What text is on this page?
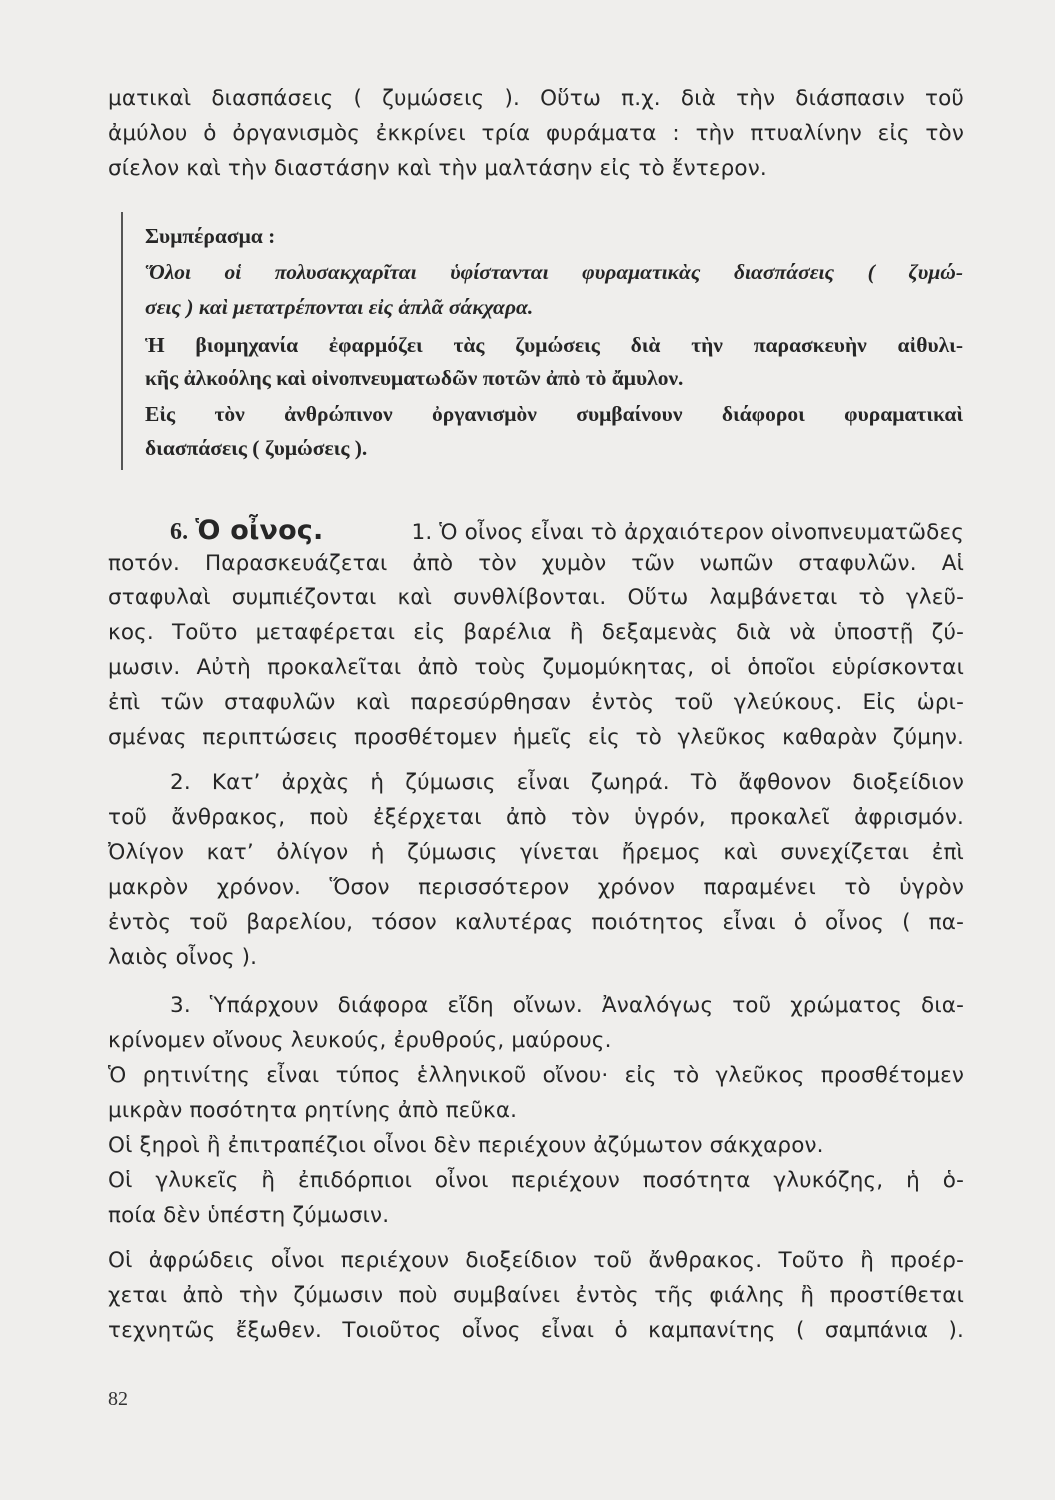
ματικαὶ διασπάσεις ( ζυμώσεις ). Οὕτω π.χ. διὰ τὴν διάσπασιν τοῦ

ἀμύλου ὁ ὀργανισμὸς ἐκκρίνει τρία φυράματα : τὴν πτυαλίνην εἰς τὸν

σίελον καὶ τὴν διαστάσην καὶ τὴν μαλτάσην εἰς τὸ ἔντερον.

Συμπέρασμα :

Ὅλοι οἱ πολυσακχαρῖται ὑφίστανται φυραματικὰς διασπάσεις ( ζυμώ-

σεις ) καὶ μετατρέπονται εἰς ἁπλᾶ σάκχαρα.

Ἡ βιομηχανία ἐφαρμόζει τὰς ζυμώσεις διὰ τὴν παρασκευὴν αἰθυλι-

κῆς ἀλκοόλης καὶ οἰνοπνευματωδῶν ποτῶν ἀπὸ τὸ ἄμυλον.

Εἰς τὸν ἀνθρώπινον ὀργανισμὸν συμβαίνουν διάφοροι φυραματικαὶ

διασπάσεις ( ζυμώσεις ).

6. Ὁ οἶνος.	1. Ὁ οἶνος εἶναι τὸ ἀρχαιότερον οἰνοπνευματῶδες

ποτόν. Παρασκευάζεται ἀπὸ τὸν χυμὸν τῶν νωπῶν σταφυλῶν. Αἱ

σταφυλαὶ συμπιέζονται καὶ συνθλίβονται. Οὕτω λαμβάνεται τὸ γλεῦ-

κος. Τοῦτο μεταφέρεται εἰς βαρέλια ἢ δεξαμενὰς διὰ νὰ ὑποστῇ ζύ-

μωσιν. Αὐτὴ προκαλεῖται ἀπὸ τοὺς ζυμομύκητας, οἱ ὁποῖοι εὑρίσκονται

ἐπὶ τῶν σταφυλῶν καὶ παρεσύρθησαν ἐντὸς τοῦ γλεύκους. Εἰς ὡρι-

σμένας περιπτώσεις προσθέτομεν ἡμεῖς εἰς τὸ γλεῦκος καθαρὰν ζύμην.

2. Κατ’ ἀρχὰς ἡ ζύμωσις εἶναι ζωηρά. Τὸ ἄφθονον διοξείδιον

τοῦ ἄνθρακος, ποὺ ἐξέρχεται ἀπὸ τὸν ὑγρόν, προκαλεῖ ἀφρισμόν.

Ὀλίγον κατ’ ὀλίγον ἡ ζύμωσις γίνεται ἤρεμος καὶ συνεχίζεται ἐπὶ

μακρὸν χρόνον. Ὅσον περισσότερον χρόνον παραμένει τὸ ὑγρὸν

ἐντὸς τοῦ βαρελίου, τόσον καλυτέρας ποιότητος εἶναι ὁ οἶνος ( πα-

λαιὸς οἶνος ).

3. Ὑπάρχουν διάφορα εἴδη οἴνων. Ἀναλόγως τοῦ χρώματος δια-

κρίνομεν οἴνους λευκούς, ἐρυθρούς, μαύρους.

Ὁ ρητινίτης εἶναι τύπος ἑλληνικοῦ οἴνου· εἰς τὸ γλεῦκος προσθέτομεν

μικρὰν ποσότητα ρητίνης ἀπὸ πεῦκα.

Οἱ ξηροὶ ἢ ἐπιτραπέζιοι οἶνοι δὲν περιέχουν ἀζύμωτον σάκχαρον.

Οἱ γλυκεῖς ἢ ἐπιδόρπιοι οἶνοι περιέχουν ποσότητα γλυκόζης, ἡ ὁ-

ποία δὲν ὑπέστη ζύμωσιν.

Οἱ ἀφρώδεις οἶνοι περιέχουν διοξείδιον τοῦ ἄνθρακος. Τοῦτο ἢ προέρ-

χεται ἀπὸ τὴν ζύμωσιν ποὺ συμβαίνει ἐντὸς τῆς φιάλης ἢ προστίθεται

τεχνητῶς ἔξωθεν. Τοιοῦτος οἶνος εἶναι ὁ καμπανίτης ( σαμπάνια ).

82
